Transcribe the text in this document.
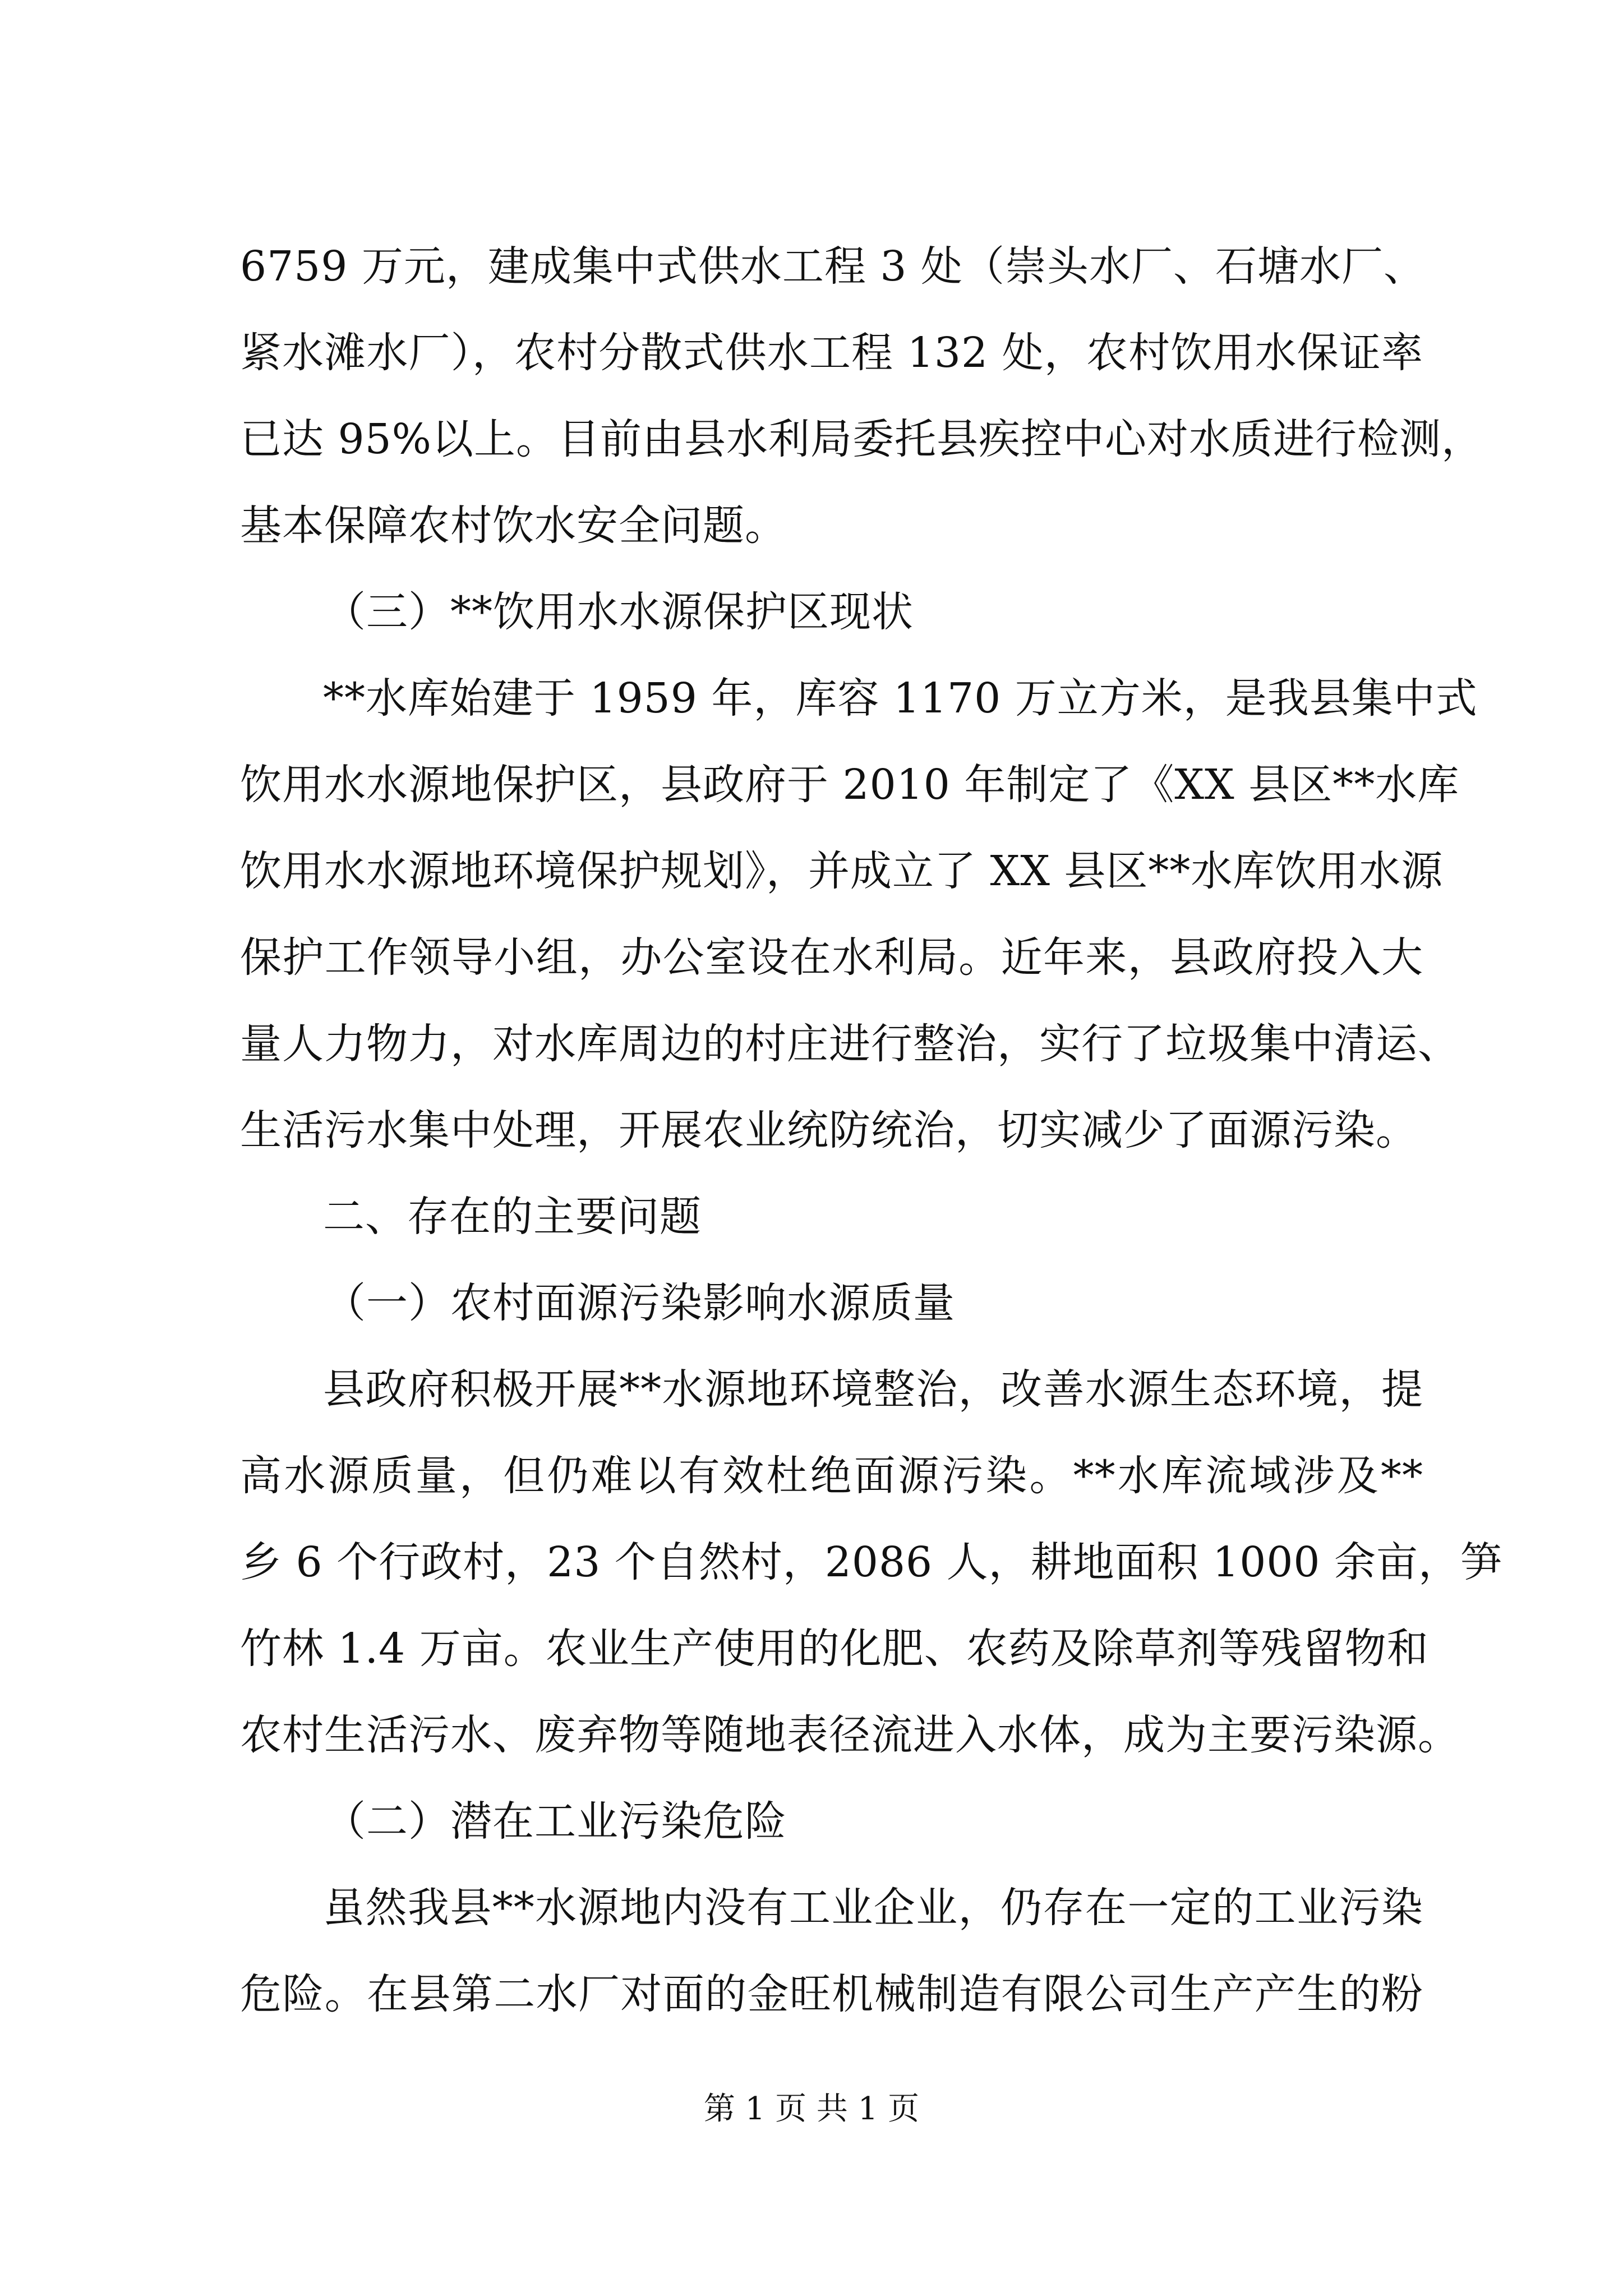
6759 万元，建成集中式供水工程 3 处（崇头水厂、石塘水厂、
紧水滩水厂），农村分散式供水工程 132 处，农村饮用水保证率
已达 95%以上。目前由县水利局委托县疾控中心对水质进行检测，
基本保障农村饮水安全问题。
（三）**饮用水水源保护区现状
**水库始建于 1959 年，库容 1170 万立方米，是我县集中式
饮用水水源地保护区，县政府于 2010 年制定了《XX 县区**水库
饮用水水源地环境保护规划》，并成立了 XX 县区**水库饮用水源
保护工作领导小组，办公室设在水利局。近年来，县政府投入大
量人力物力，对水库周边的村庄进行整治，实行了垃圾集中清运、
生活污水集中处理，开展农业统防统治，切实减少了面源污染。
二、存在的主要问题
（一）农村面源污染影响水源质量
县政府积极开展**水源地环境整治，改善水源生态环境，提
高水源质量，但仍难以有效杜绝面源污染。**水库流域涉及**
乡 6 个行政村，23 个自然村，2086 人，耕地面积 1000 余亩，笋
竹林 1.4 万亩。农业生产使用的化肥、农药及除草剂等残留物和
农村生活污水、废弃物等随地表径流进入水体，成为主要污染源。
（二）潜在工业污染危险
虽然我县**水源地内没有工业企业，仍存在一定的工业污染
危险。在县第二水厂对面的金旺机械制造有限公司生产产生的粉
第 1 页 共 1 页
